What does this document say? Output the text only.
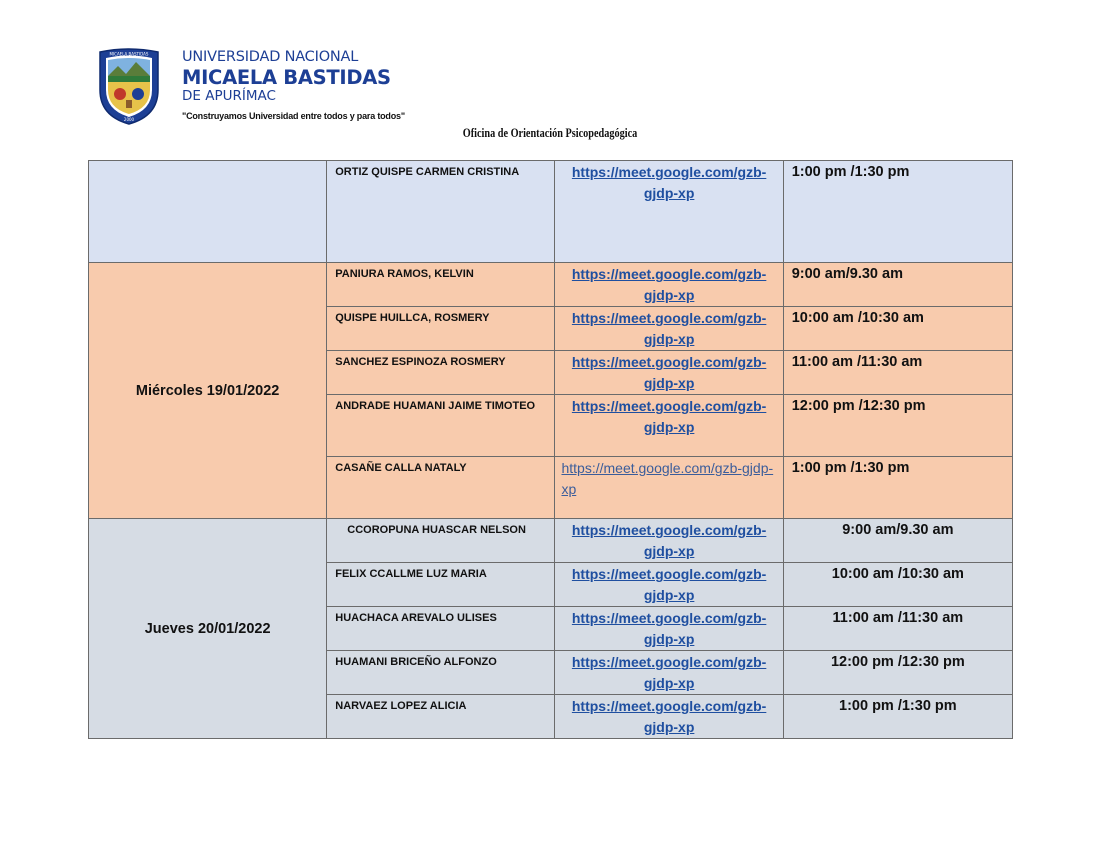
MICAELA BASTIDAS
2000
UNIVERSIDAD NACIONAL
MICAELA BASTIDAS
DE APURÍMAC
"Construyamos Universidad entre todos y para todos"
Oficina de Orientación Psicopedagógica

	ORTIZ QUISPE CARMEN CRISTINA	https://meet.google.com/gzb-gjdp-xp	1:00 pm /1:30 pm

Miércoles 19/01/2022	PANIURA RAMOS, KELVIN	https://meet.google.com/gzb-gjdp-xp	9:00 am/9.30 am

	QUISPE HUILLCA, ROSMERY	https://meet.google.com/gzb-gjdp-xp	10:00 am /10:30 am

	SANCHEZ ESPINOZA ROSMERY	https://meet.google.com/gzb-gjdp-xp	11:00 am /11:30 am

	ANDRADE HUAMANI JAIME TIMOTEO	https://meet.google.com/gzb-gjdp-xp	12:00 pm /12:30 pm

	CASAÑE CALLA NATALY	https://meet.google.com/gzb-gjdp-xp	1:00 pm /1:30 pm

Jueves 20/01/2022	CCOROPUNA HUASCAR NELSON	https://meet.google.com/gzb-gjdp-xp	9:00 am/9.30 am

	FELIX CCALLME LUZ MARIA	https://meet.google.com/gzb-gjdp-xp	10:00 am /10:30 am

	HUACHACA AREVALO ULISES	https://meet.google.com/gzb-gjdp-xp	11:00 am /11:30 am

	HUAMANI BRICEÑO ALFONZO	https://meet.google.com/gzb-gjdp-xp	12:00 pm /12:30 pm

	NARVAEZ LOPEZ ALICIA	https://meet.google.com/gzb-gjdp-xp	1:00 pm /1:30 pm
